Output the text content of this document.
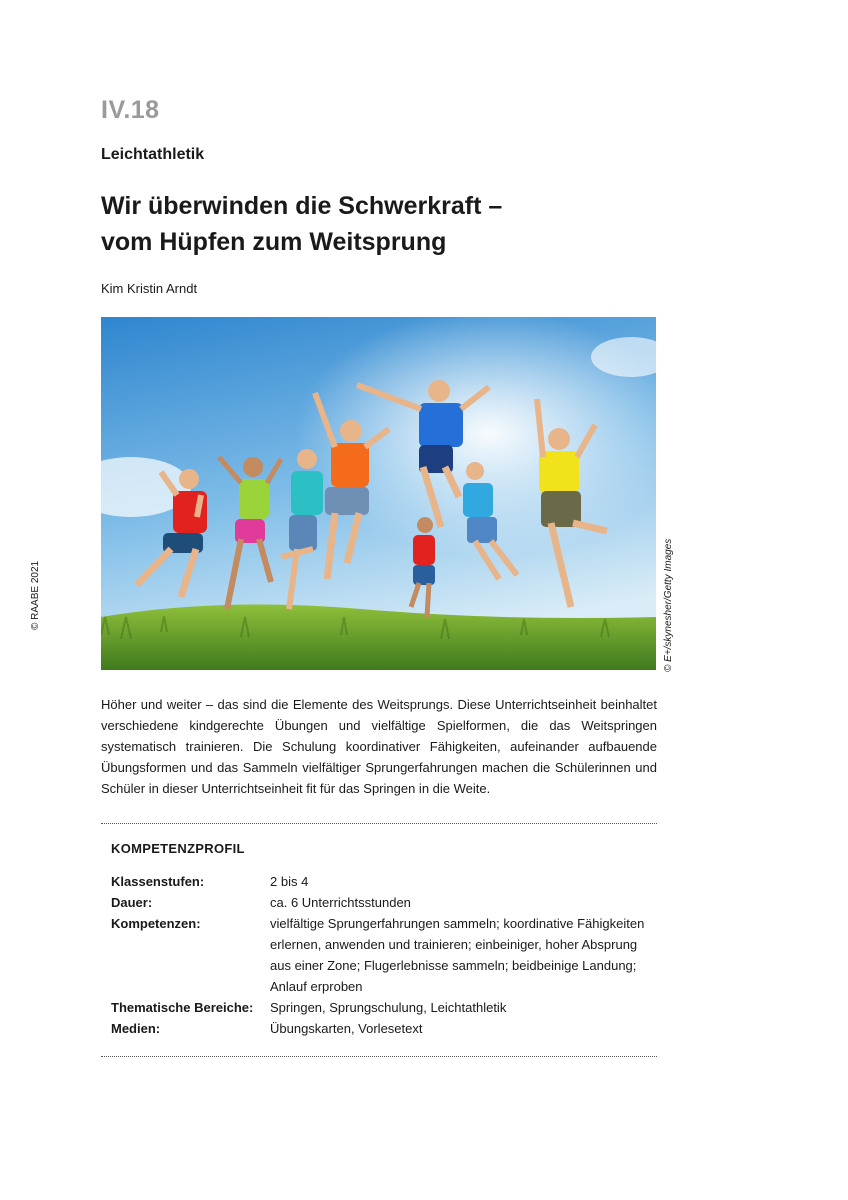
IV.18
Leichtathletik
Wir überwinden die Schwerkraft –
vom Hüpfen zum Weitsprung
Kim Kristin Arndt
© RAABE 2021	© E+/skynesher/Getty Images
Höher und weiter – das sind die Elemente des Weitsprungs. Diese Unterrichtseinheit beinhaltet verschiedene kindgerechte Übungen und vielfältige Spielformen, die das Weitspringen systematisch trainieren. Die Schulung koordinativer Fähigkeiten, aufeinander aufbauende Übungsformen und das Sammeln vielfältiger Sprungerfahrungen machen die Schülerinnen und Schüler in dieser Unterrichtseinheit fit für das Springen in die Weite.
KOMPETENZPROFIL
Klassenstufen:	2 bis 4
Dauer:	ca. 6 Unterrichtsstunden
Kompetenzen:	vielfältige Sprungerfahrungen sammeln; koordinative Fähigkeiten erlernen, anwenden und trainieren; einbeiniger, hoher Absprung aus einer Zone; Flugerlebnisse sammeln; beidbeinige Landung; Anlauf erproben
Thematische Bereiche:	Springen, Sprungschulung, Leichtathletik
Medien:	Übungskarten, Vorlesetext
